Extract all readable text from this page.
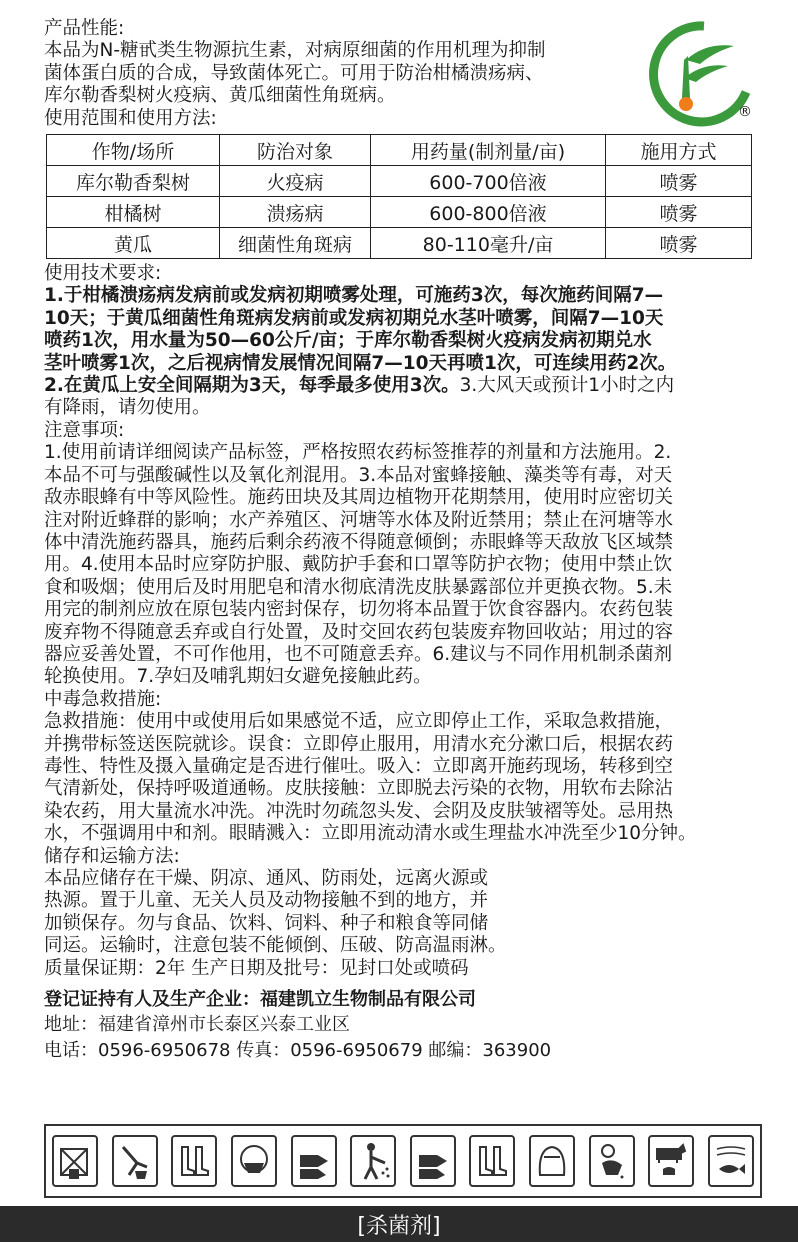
®
产品性能:
本品为N-糖甙类生物源抗生素，对病原细菌的作用机理为抑制
菌体蛋白质的合成，导致菌体死亡。可用于防治柑橘溃疡病、
库尔勒香梨树火疫病、黄瓜细菌性角斑病。
使用范围和使用方法:
作物/场所	防治对象	用药量(制剂量/亩)	施用方式
库尔勒香梨树	火疫病	600-700倍液	喷雾
柑橘树	溃疡病	600-800倍液	喷雾
黄瓜	细菌性角斑病	80-110毫升/亩	喷雾
使用技术要求:
1.于柑橘溃疡病发病前或发病初期喷雾处理，可施药3次，每次施药间隔7—
10天；于黄瓜细菌性角斑病发病前或发病初期兑水茎叶喷雾，间隔7—10天
喷药1次，用水量为50—60公斤/亩；于库尔勒香梨树火疫病发病初期兑水
茎叶喷雾1次，之后视病情发展情况间隔7—10天再喷1次，可连续用药2次。
2.在黄瓜上安全间隔期为3天，每季最多使用3次。3.大风天或预计1小时之内
有降雨，请勿使用。
注意事项:
1.使用前请详细阅读产品标签，严格按照农药标签推荐的剂量和方法施用。2.
本品不可与强酸碱性以及氧化剂混用。3.本品对蜜蜂接触、藻类等有毒，对天
敌赤眼蜂有中等风险性。施药田块及其周边植物开花期禁用，使用时应密切关
注对附近蜂群的影响；水产养殖区、河塘等水体及附近禁用；禁止在河塘等水
体中清洗施药器具，施药后剩余药液不得随意倾倒；赤眼蜂等天敌放飞区域禁
用。4.使用本品时应穿防护服、戴防护手套和口罩等防护衣物；使用中禁止饮
食和吸烟；使用后及时用肥皂和清水彻底清洗皮肤暴露部位并更换衣物。5.未
用完的制剂应放在原包装内密封保存，切勿将本品置于饮食容器内。农药包装
废弃物不得随意丢弃或自行处置，及时交回农药包装废弃物回收站；用过的容
器应妥善处置，不可作他用，也不可随意丢弃。6.建议与不同作用机制杀菌剂
轮换使用。7.孕妇及哺乳期妇女避免接触此药。
中毒急救措施:
急救措施：使用中或使用后如果感觉不适，应立即停止工作，采取急救措施，
并携带标签送医院就诊。误食：立即停止服用，用清水充分漱口后，根据农药
毒性、特性及摄入量确定是否进行催吐。吸入：立即离开施药现场，转移到空
气清新处，保持呼吸道通畅。皮肤接触：立即脱去污染的衣物，用软布去除沾
染农药，用大量流水冲洗。冲洗时勿疏忽头发、会阴及皮肤皱褶等处。忌用热
水，不强调用中和剂。眼睛溅入：立即用流动清水或生理盐水冲洗至少10分钟。
储存和运输方法:
本品应储存在干燥、阴凉、通风、防雨处，远离火源或
热源。置于儿童、无关人员及动物接触不到的地方，并
加锁保存。勿与食品、饮料、饲料、种子和粮食等同储
同运。运输时，注意包装不能倾倒、压破、防高温雨淋。
质量保证期：2年 生产日期及批号：见封口处或喷码
登记证持有人及生产企业：福建凯立生物制品有限公司
地址：福建省漳州市长泰区兴泰工业区
电话：0596-6950678 传真：0596-6950679 邮编：363900
[杀菌剂]
